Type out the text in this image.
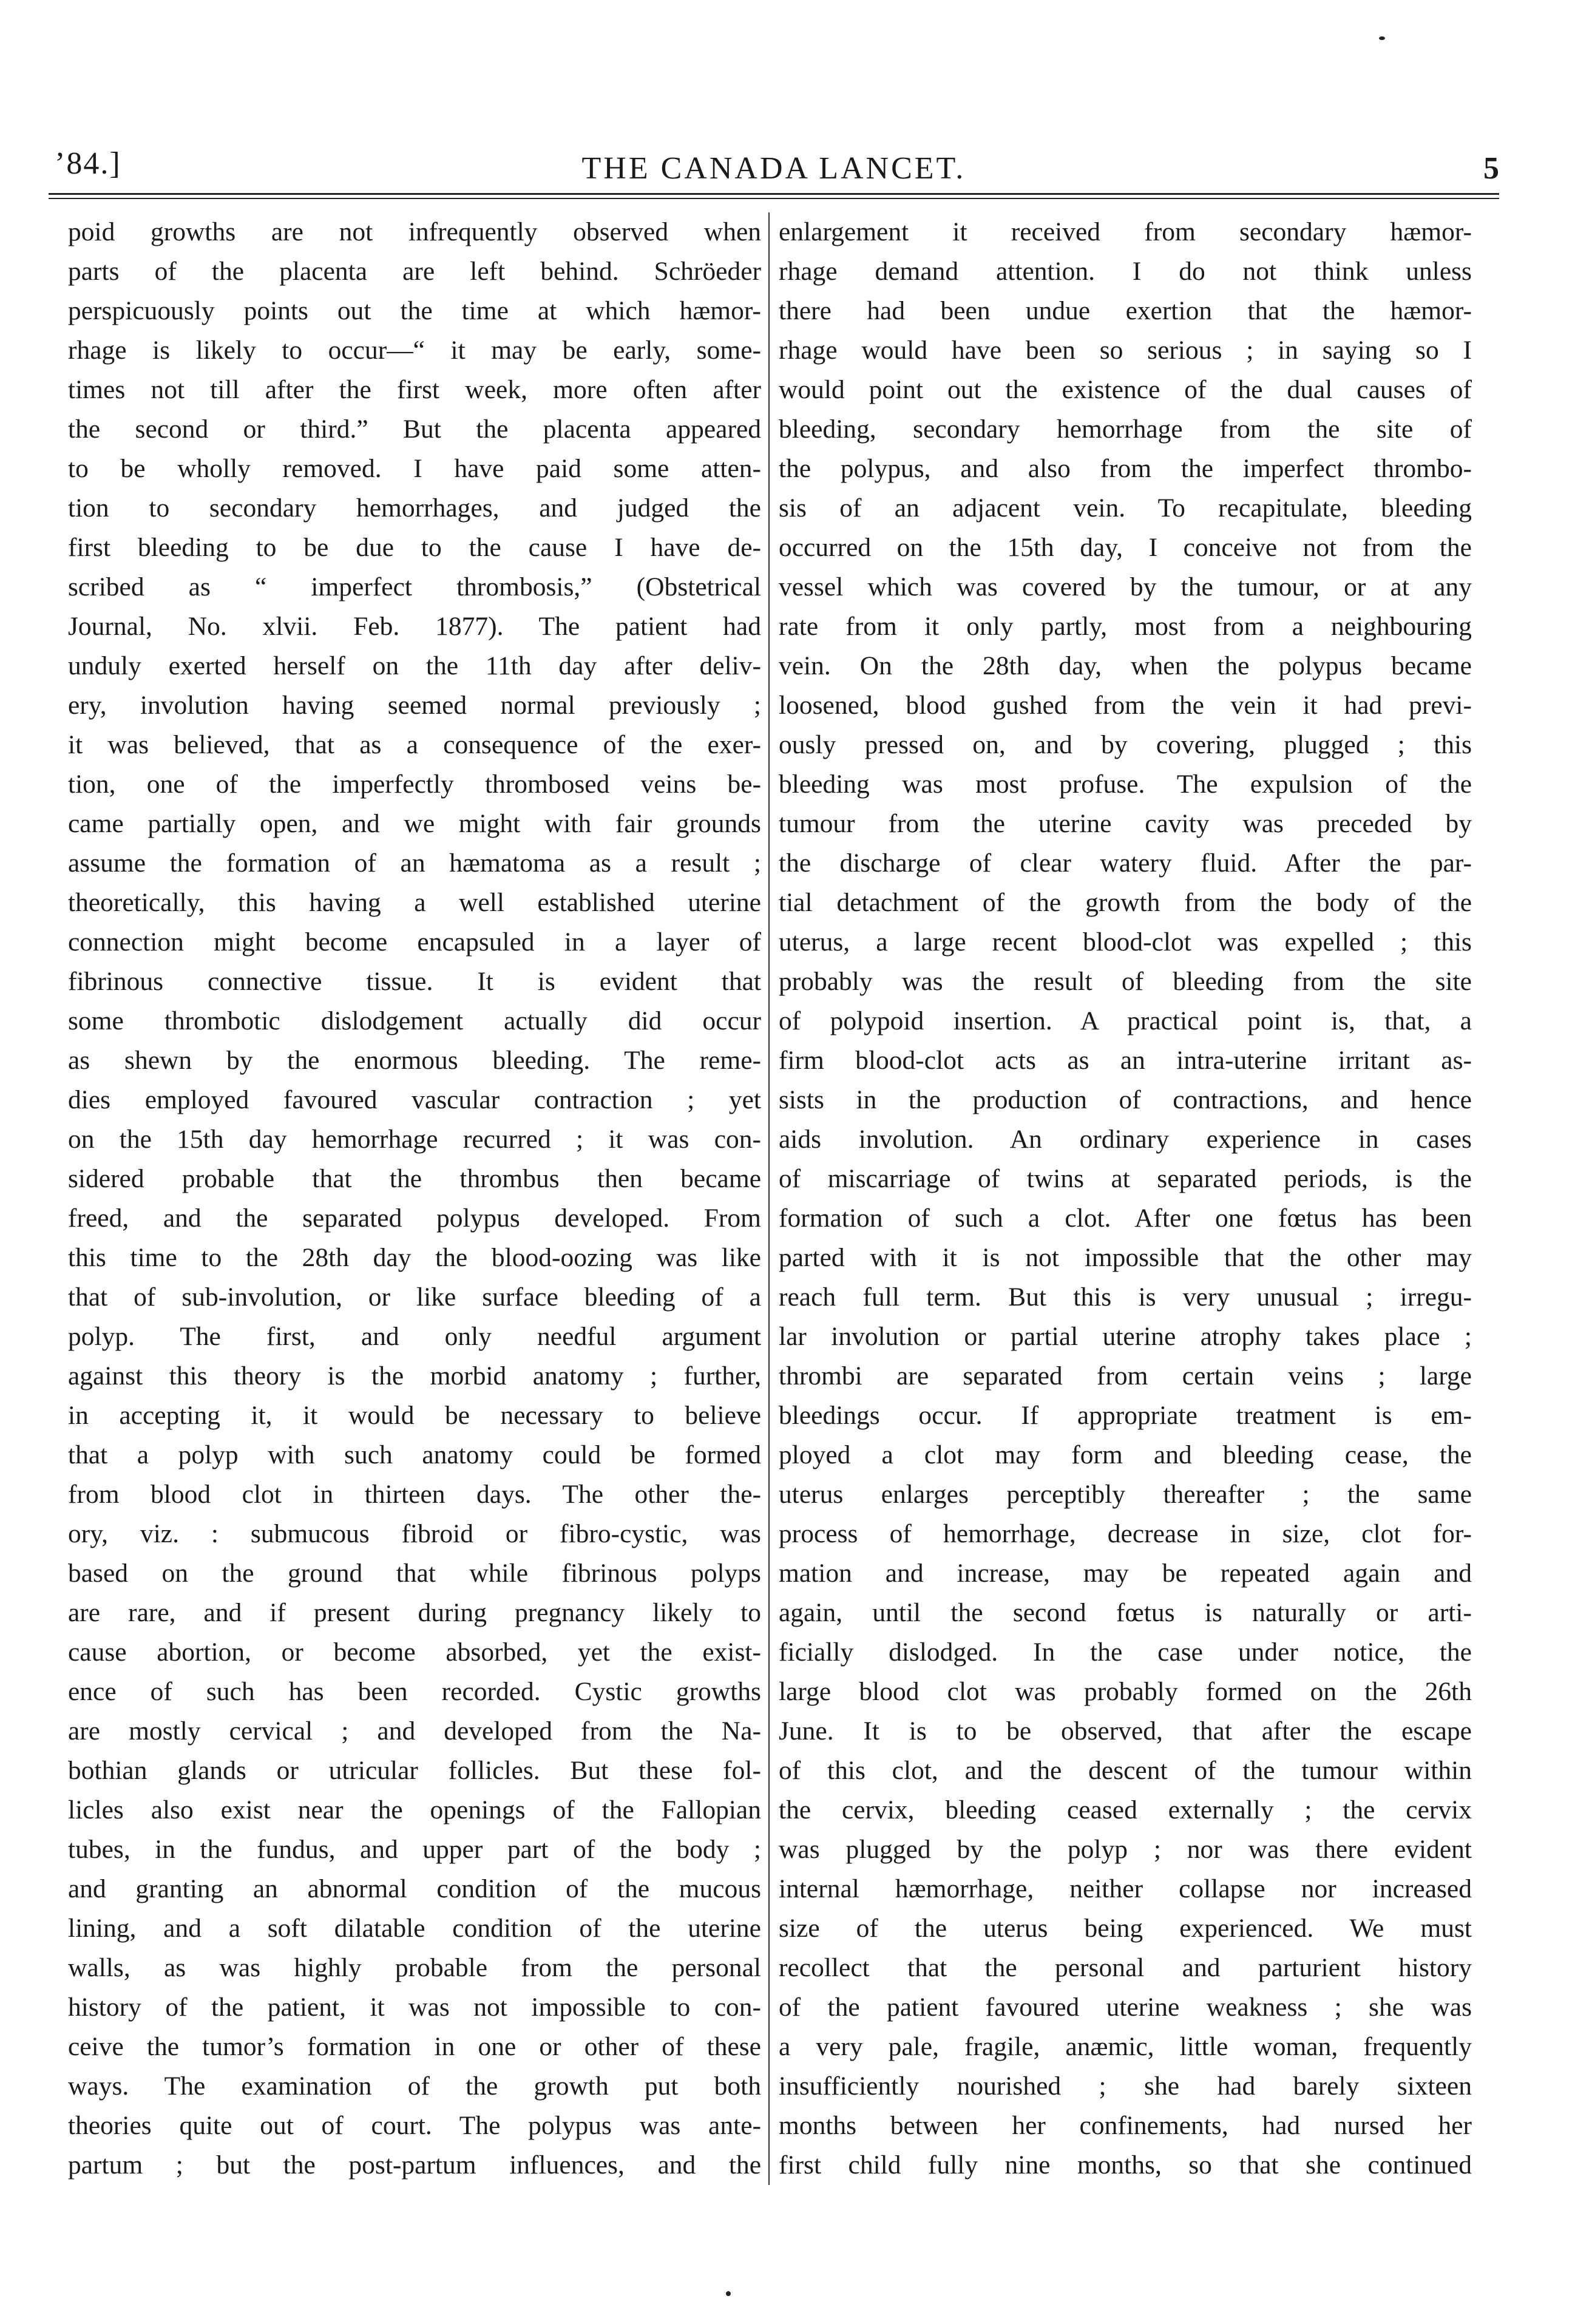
’84.]	THE CANADA LANCET.	5

poid growths are not infrequently observed when

parts of the placenta are left behind. Schröeder

perspicuously points out the time at which hæmor-

rhage is likely to occur—“ it may be early, some-

times not till after the first week, more often after

the second or third.” But the placenta appeared

to be wholly removed. I have paid some atten-

tion to secondary hemorrhages, and judged the

first bleeding to be due to the cause I have de-

scribed as “ imperfect thrombosis,” (Obstetrical

Journal, No. xlvii. Feb. 1877). The patient had

unduly exerted herself on the 11th day after deliv-

ery, involution having seemed normal previously ;

it was believed, that as a consequence of the exer-

tion, one of the imperfectly thrombosed veins be-

came partially open, and we might with fair grounds

assume the formation of an hæmatoma as a result ;

theoretically, this having a well established uterine

connection might become encapsuled in a layer of

fibrinous connective tissue. It is evident that

some thrombotic dislodgement actually did occur

as shewn by the enormous bleeding. The reme-

dies employed favoured vascular contraction ; yet

on the 15th day hemorrhage recurred ; it was con-

sidered probable that the thrombus then became

freed, and the separated polypus developed. From

this time to the 28th day the blood-oozing was like

that of sub-involution, or like surface bleeding of a

polyp. The first, and only needful argument

against this theory is the morbid anatomy ; further,

in accepting it, it would be necessary to believe

that a polyp with such anatomy could be formed

from blood clot in thirteen days. The other the-

ory, viz. : submucous fibroid or fibro-cystic, was

based on the ground that while fibrinous polyps

are rare, and if present during pregnancy likely to

cause abortion, or become absorbed, yet the exist-

ence of such has been recorded. Cystic growths

are mostly cervical ; and developed from the Na-

bothian glands or utricular follicles. But these fol-

licles also exist near the openings of the Fallopian

tubes, in the fundus, and upper part of the body ;

and granting an abnormal condition of the mucous

lining, and a soft dilatable condition of the uterine

walls, as was highly probable from the personal

history of the patient, it was not impossible to con-

ceive the tumor’s formation in one or other of these

ways. The examination of the growth put both

theories quite out of court. The polypus was ante-

partum ; but the post-partum influences, and the

enlargement it received from secondary hæmor-

rhage demand attention. I do not think unless

there had been undue exertion that the hæmor-

rhage would have been so serious ; in saying so I

would point out the existence of the dual causes of

bleeding, secondary hemorrhage from the site of

the polypus, and also from the imperfect thrombo-

sis of an adjacent vein. To recapitulate, bleeding

occurred on the 15th day, I conceive not from the

vessel which was covered by the tumour, or at any

rate from it only partly, most from a neighbouring

vein. On the 28th day, when the polypus became

loosened, blood gushed from the vein it had previ-

ously pressed on, and by covering, plugged ; this

bleeding was most profuse. The expulsion of the

tumour from the uterine cavity was preceded by

the discharge of clear watery fluid. After the par-

tial detachment of the growth from the body of the

uterus, a large recent blood-clot was expelled ; this

probably was the result of bleeding from the site

of polypoid insertion. A practical point is, that, a

firm blood-clot acts as an intra-uterine irritant as-

sists in the production of contractions, and hence

aids involution. An ordinary experience in cases

of miscarriage of twins at separated periods, is the

formation of such a clot. After one fœtus has been

parted with it is not impossible that the other may

reach full term. But this is very unusual ; irregu-

lar involution or partial uterine atrophy takes place ;

thrombi are separated from certain veins ; large

bleedings occur. If appropriate treatment is em-

ployed a clot may form and bleeding cease, the

uterus enlarges perceptibly thereafter ; the same

process of hemorrhage, decrease in size, clot for-

mation and increase, may be repeated again and

again, until the second fœtus is naturally or arti-

ficially dislodged. In the case under notice, the

large blood clot was probably formed on the 26th

June. It is to be observed, that after the escape

of this clot, and the descent of the tumour within

the cervix, bleeding ceased externally ; the cervix

was plugged by the polyp ; nor was there evident

internal hæmorrhage, neither collapse nor increased

size of the uterus being experienced. We must

recollect that the personal and parturient history

of the patient favoured uterine weakness ; she was

a very pale, fragile, anæmic, little woman, frequently

insufficiently nourished ; she had barely sixteen

months between her confinements, had nursed her

first child fully nine months, so that she continued
